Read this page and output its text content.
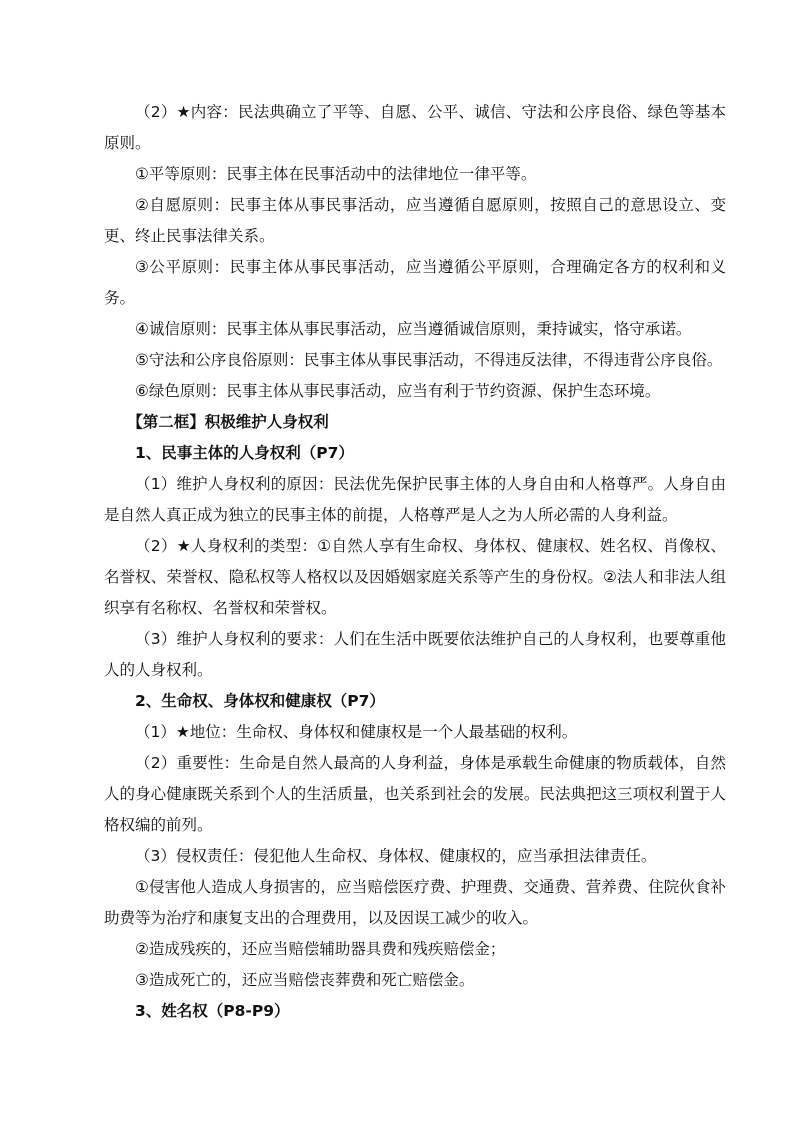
（2）★内容：民法典确立了平等、自愿、公平、诚信、守法和公序良俗、绿色等基本原则。

①平等原则：民事主体在民事活动中的法律地位一律平等。

②自愿原则：民事主体从事民事活动，应当遵循自愿原则，按照自己的意思设立、变更、终止民事法律关系。

③公平原则：民事主体从事民事活动，应当遵循公平原则，合理确定各方的权利和义务。

④诚信原则：民事主体从事民事活动，应当遵循诚信原则，秉持诚实，恪守承诺。

⑤守法和公序良俗原则：民事主体从事民事活动，不得违反法律，不得违背公序良俗。

⑥绿色原则：民事主体从事民事活动，应当有利于节约资源、保护生态环境。

【第二框】积极维护人身权利

1、民事主体的人身权利（P7）

（1）维护人身权利的原因：民法优先保护民事主体的人身自由和人格尊严。人身自由是自然人真正成为独立的民事主体的前提，人格尊严是人之为人所必需的人身利益。

（2）★人身权利的类型：①自然人享有生命权、身体权、健康权、姓名权、肖像权、名誉权、荣誉权、隐私权等人格权以及因婚姻家庭关系等产生的身份权。②法人和非法人组织享有名称权、名誉权和荣誉权。

（3）维护人身权利的要求：人们在生活中既要依法维护自己的人身权利，也要尊重他人的人身权利。

2、生命权、身体权和健康权（P7）

（1）★地位：生命权、身体权和健康权是一个人最基础的权利。

（2）重要性：生命是自然人最高的人身利益，身体是承载生命健康的物质载体，自然人的身心健康既关系到个人的生活质量，也关系到社会的发展。民法典把这三项权利置于人格权编的前列。

（3）侵权责任：侵犯他人生命权、身体权、健康权的，应当承担法律责任。

①侵害他人造成人身损害的，应当赔偿医疗费、护理费、交通费、营养费、住院伙食补助费等为治疗和康复支出的合理费用，以及因误工减少的收入。

②造成残疾的，还应当赔偿辅助器具费和残疾赔偿金；

③造成死亡的，还应当赔偿丧葬费和死亡赔偿金。

3、姓名权（P8-P9）
